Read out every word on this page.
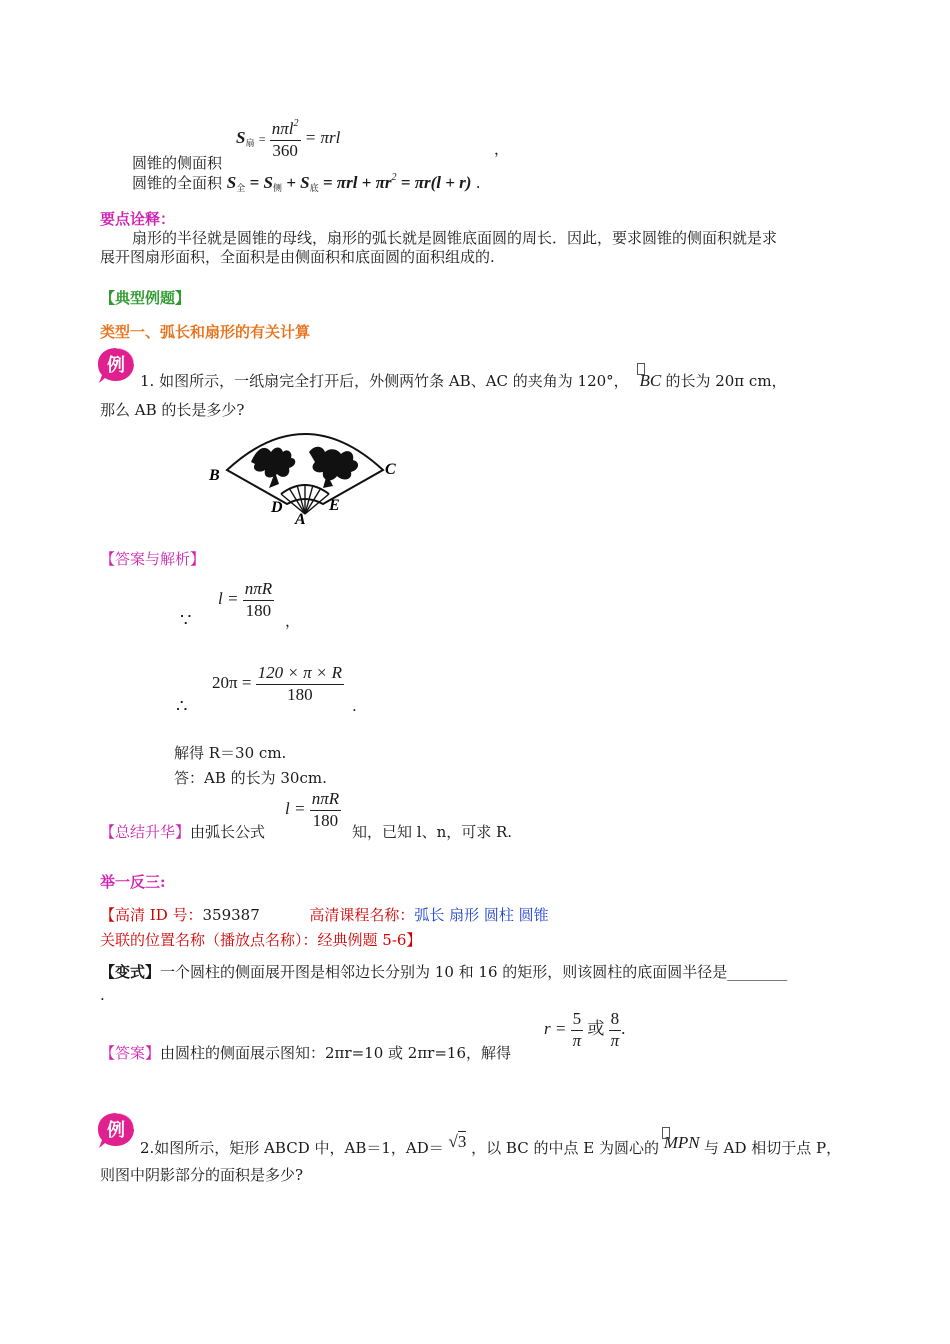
圆锥的侧面积
$S_扇 = \frac{n\pi l^2}{360} = \pi rl$
，
圆锥的全面积 $S_全 = S_侧 + S_底 = \pi rl + \pi r^2 = \pi r(l + r)$ .
要点诠释：
扇形的半径就是圆锥的母线，扇形的弧长就是圆锥底面圆的周长．因此，要求圆锥的侧面积就是求
展开图扇形面积，全面积是由侧面积和底面圆的面积组成的.
【典型例题】
类型一、弧长和扇形的有关计算
例
1. 如图所示，一纸扇完全打开后，外侧两竹条 AB、AC 的夹角为 120°， BC 的长为 20π cm，
那么 AB 的长是多少?
B	C
D
A
E
【答案与解析】
∵
$l = \frac{\text{nπR}}{180}$
，
∴
$20\pi = \frac{120 \times \pi \times R}{180}$
.
解得 R＝30 cm.
答：AB 的长为 30cm.
【总结升华】由弧长公式
$l = \frac{\text{nπR}}{180}$
知，已知 l、n，可求 R.
举一反三:
【高清 ID 号：359387	高清课程名称：弧长 扇形 圆柱 圆锥
关联的位置名称（播放点名称）：经典例题 5-6】
【变式】一个圆柱的侧面展开图是相邻边长分别为 10 和 16 的矩形，则该圆柱的底面圆半径是________
.
【答案】由圆柱的侧面展示图知：2πr=10 或 2πr=16，解得
$r = \frac{5}{\pi}$ 或 $\frac{8}{\pi}$ .
例
2.如图所示，矩形 ABCD 中，AB＝1，AD＝ √3 ，以 BC 的中点 E 为圆心的 MPN 与 AD 相切于点 P，
则图中阴影部分的面积是多少?
